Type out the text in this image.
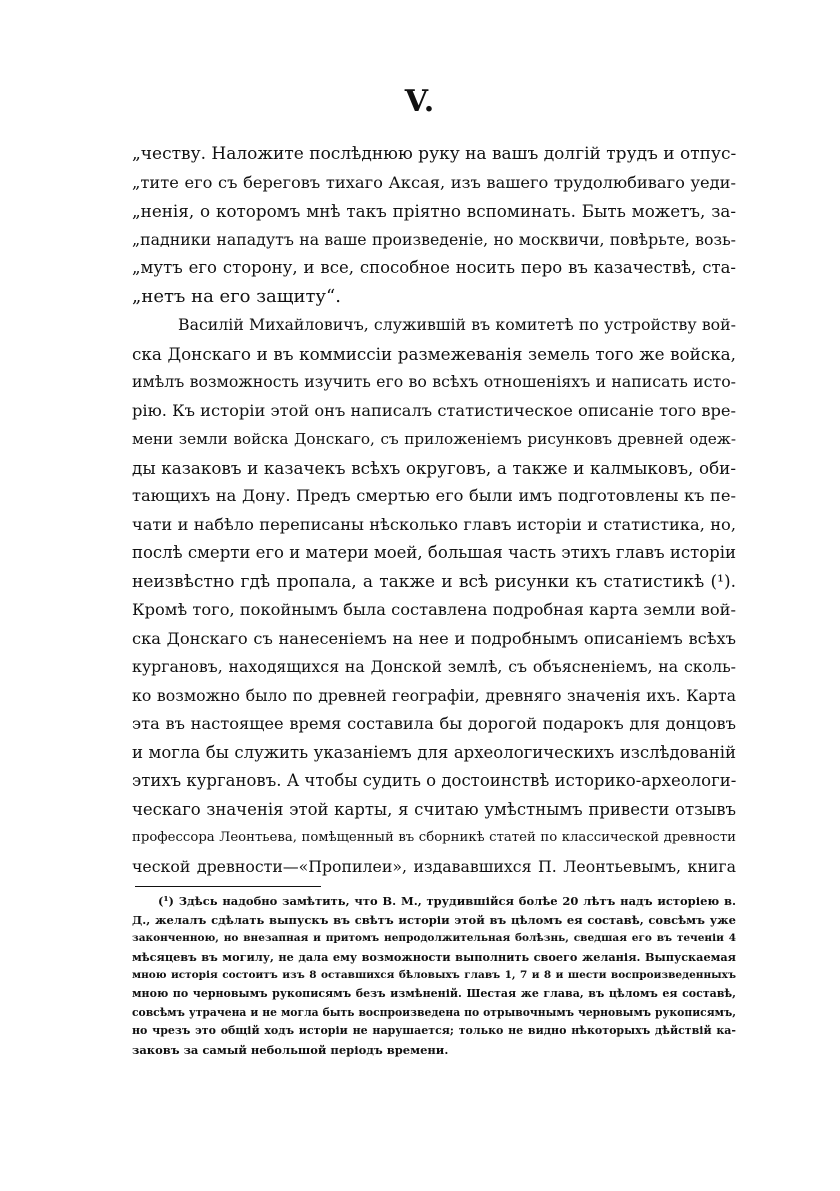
V.
„честву. Наложите послѣднюю руку на вашъ долгій трудъ и отпус-
„тите его съ береговъ тихаго Аксая, изъ вашего трудолюбиваго уеди-
„ненія, о которомъ мнѣ такъ пріятно вспоминать. Быть можетъ, за-
„падники нападутъ на ваше произведеніе, но москвичи, повѣрьте, возь-
„мутъ его сторону, и все, способное носить перо въ казачествѣ, ста-
„нетъ на его защиту“.
Василій Михайловичъ, служившій въ комитетѣ по устройству вой-
ска Донскаго и въ коммиссіи размежеванія земель того же войска,
имѣлъ возможность изучить его во всѣхъ отношеніяхъ и написать исто-
рію. Къ исторіи этой онъ написалъ статистическое описаніе того вре-
мени земли войска Донскаго, съ приложеніемъ рисунковъ древней одеж-
ды казаковъ и казачекъ всѣхъ округовъ, а также и калмыковъ, оби-
тающихъ на Дону. Предъ смертью его были имъ подготовлены къ пе-
чати и набѣло переписаны нѣсколько главъ исторіи и статистика, но,
послѣ смерти его и матери моей, большая часть этихъ главъ исторіи
неизвѣстно гдѣ пропала, а также и всѣ рисунки къ статистикѣ (¹).
Кромѣ того, покойнымъ была составлена подробная карта земли вой-
ска Донскаго съ нанесеніемъ на нее и подробнымъ описаніемъ всѣхъ
кургановъ, находящихся на Донской землѣ, съ объясненіемъ, на сколь-
ко возможно было по древней географіи, древняго значенія ихъ. Карта
эта въ настоящее время составила бы дорогой подарокъ для донцовъ
и могла бы служить указаніемъ для археологическихъ изслѣдованій
этихъ кургановъ. А чтобы судить о достоинствѣ историко-археологи-
ческаго значенія этой карты, я считаю умѣстнымъ привести отзывъ
профессора Леонтьева, помѣщенный въ сборникѣ статей по классической древности
ческой древности—«Пропилеи», издававшихся П. Леонтьевымъ, книга
(¹) Здѣсь надобно замѣтить, что В. М., трудившійся болѣе 20 лѣтъ надъ исторіею в.
Д., желалъ сдѣлать выпускъ въ свѣтъ исторіи этой въ цѣломъ ея составѣ, совсѣмъ уже
законченною, но внезапная и притомъ непродолжительная болѣзнь, сведшая его въ теченіи 4
мѣсяцевъ въ могилу, не дала ему возможности выполнить своего желанія. Выпускаемая
мною исторія состоитъ изъ 8 оставшихся бѣловыхъ главъ 1, 7 и 8 и шести воспроизведенныхъ
мною по черновымъ рукописямъ безъ измѣненій. Шестая же глава, въ цѣломъ ея составѣ,
совсѣмъ утрачена и не могла быть воспроизведена по отрывочнымъ черновымъ рукописямъ,
но чрезъ это общій ходъ исторіи не нарушается; только не видно нѣкоторыхъ дѣйствій ка-
заковъ за самый небольшой періодъ времени.
